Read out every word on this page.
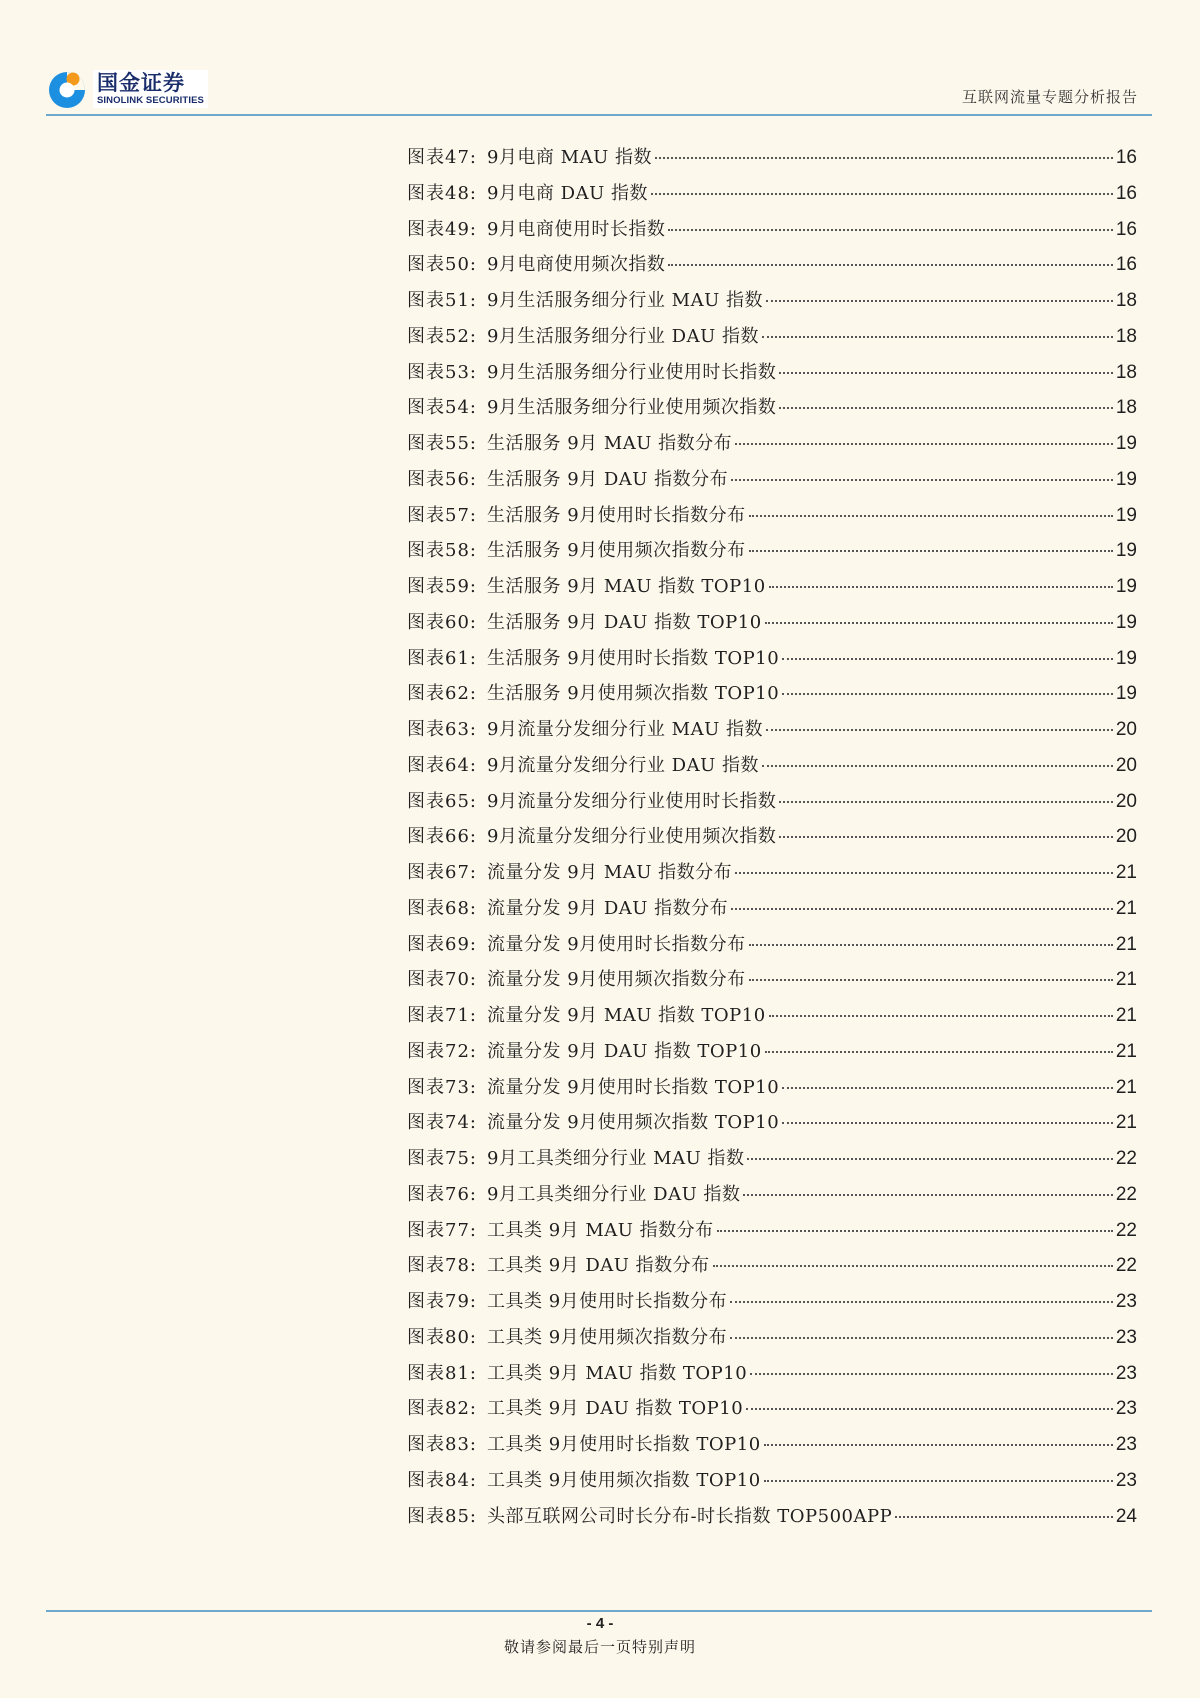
国金证券
SINOLINK SECURITIES	互联网流量专题分析报告
图表47: 9月电商 MAU 指数	16
图表48: 9月电商 DAU 指数	16
图表49: 9月电商使用时长指数	16
图表50: 9月电商使用频次指数	16
图表51: 9月生活服务细分行业 MAU 指数	18
图表52: 9月生活服务细分行业 DAU 指数	18
图表53: 9月生活服务细分行业使用时长指数	18
图表54: 9月生活服务细分行业使用频次指数	18
图表55: 生活服务 9月 MAU 指数分布	19
图表56: 生活服务 9月 DAU 指数分布	19
图表57: 生活服务 9月使用时长指数分布	19
图表58: 生活服务 9月使用频次指数分布	19
图表59: 生活服务 9月 MAU 指数 TOP10	19
图表60: 生活服务 9月 DAU 指数 TOP10	19
图表61: 生活服务 9月使用时长指数 TOP10	19
图表62: 生活服务 9月使用频次指数 TOP10	19
图表63: 9月流量分发细分行业 MAU 指数	20
图表64: 9月流量分发细分行业 DAU 指数	20
图表65: 9月流量分发细分行业使用时长指数	20
图表66: 9月流量分发细分行业使用频次指数	20
图表67: 流量分发 9月 MAU 指数分布	21
图表68: 流量分发 9月 DAU 指数分布	21
图表69: 流量分发 9月使用时长指数分布	21
图表70: 流量分发 9月使用频次指数分布	21
图表71: 流量分发 9月 MAU 指数 TOP10	21
图表72: 流量分发 9月 DAU 指数 TOP10	21
图表73: 流量分发 9月使用时长指数 TOP10	21
图表74: 流量分发 9月使用频次指数 TOP10	21
图表75: 9月工具类细分行业 MAU 指数	22
图表76: 9月工具类细分行业 DAU 指数	22
图表77: 工具类 9月 MAU 指数分布	22
图表78: 工具类 9月 DAU 指数分布	22
图表79: 工具类 9月使用时长指数分布	23
图表80: 工具类 9月使用频次指数分布	23
图表81: 工具类 9月 MAU 指数 TOP10	23
图表82: 工具类 9月 DAU 指数 TOP10	23
图表83: 工具类 9月使用时长指数 TOP10	23
图表84: 工具类 9月使用频次指数 TOP10	23
图表85: 头部互联网公司时长分布-时长指数 TOP500APP	24
- 4 -
敬请参阅最后一页特别声明
